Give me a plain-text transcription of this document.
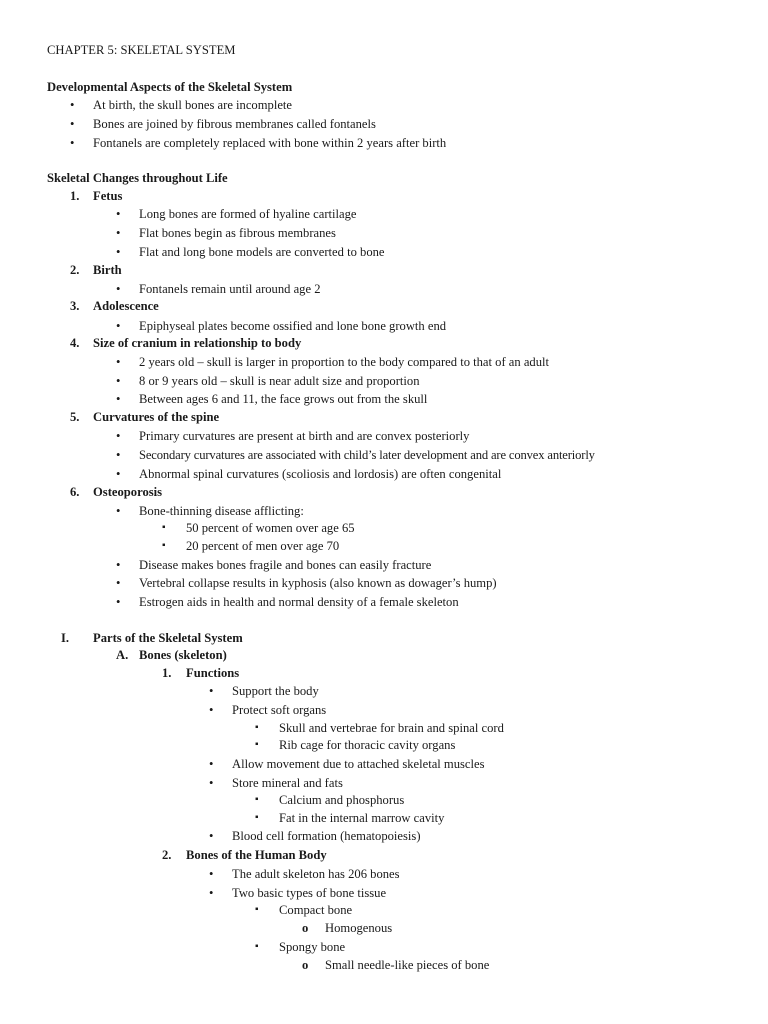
CHAPTER 5: SKELETAL SYSTEM
Developmental Aspects of the Skeletal System
• At birth, the skull bones are incomplete
• Bones are joined by fibrous membranes called fontanels
• Fontanels are completely replaced with bone within 2 years after birth
Skeletal Changes throughout Life
1. Fetus
• Long bones are formed of hyaline cartilage
• Flat bones begin as fibrous membranes
• Flat and long bone models are converted to bone
2. Birth
• Fontanels remain until around age 2
3. Adolescence
• Epiphyseal plates become ossified and lone bone growth end
4. Size of cranium in relationship to body
• 2 years old – skull is larger in proportion to the body compared to that of an adult
• 8 or 9 years old – skull is near adult size and proportion
• Between ages 6 and 11, the face grows out from the skull
5. Curvatures of the spine
• Primary curvatures are present at birth and are convex posteriorly
• Secondary curvatures are associated with child’s later development and are convex anteriorly
• Abnormal spinal curvatures (scoliosis and lordosis) are often congenital
6. Osteoporosis
• Bone-thinning disease afflicting:
▪ 50 percent of women over age 65
▪ 20 percent of men over age 70
• Disease makes bones fragile and bones can easily fracture
• Vertebral collapse results in kyphosis (also known as dowager’s hump)
• Estrogen aids in health and normal density of a female skeleton
I. Parts of the Skeletal System
A. Bones (skeleton)
1. Functions
• Support the body
• Protect soft organs
▪ Skull and vertebrae for brain and spinal cord
▪ Rib cage for thoracic cavity organs
• Allow movement due to attached skeletal muscles
• Store mineral and fats
▪ Calcium and phosphorus
▪ Fat in the internal marrow cavity
• Blood cell formation (hematopoiesis)
2. Bones of the Human Body
• The adult skeleton has 206 bones
• Two basic types of bone tissue
▪ Compact bone
o Homogenous
▪ Spongy bone
o Small needle-like pieces of bone
